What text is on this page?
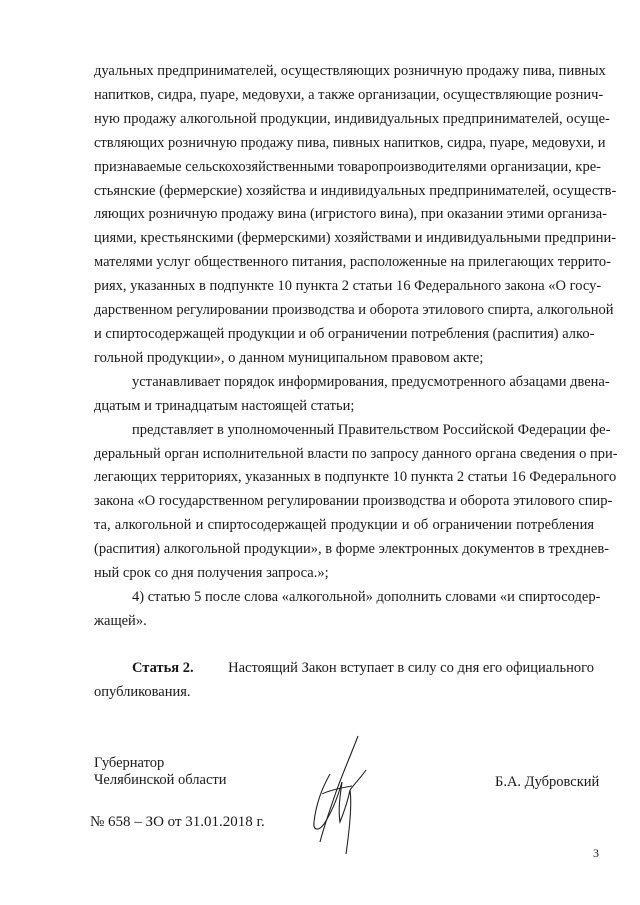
дуальных предпринимателей, осуществляющих розничную продажу пива, пивных
напитков, сидра, пуаре, медовухи, а также организации, осуществляющие рознич-
ную продажу алкогольной продукции, индивидуальных предпринимателей, осуще-
ствляющих розничную продажу пива, пивных напитков, сидра, пуаре, медовухи, и
признаваемые сельскохозяйственными товаропроизводителями организации, кре-
стьянские (фермерские) хозяйства и индивидуальных предпринимателей, осуществ-
ляющих розничную продажу вина (игристого вина), при оказании этими организа-
циями, крестьянскими (фермерскими) хозяйствами и индивидуальными предприни-
мателями услуг общественного питания, расположенные на прилегающих террито-
риях, указанных в подпункте 10 пункта 2 статьи 16 Федерального закона «О госу-
дарственном регулировании производства и оборота этилового спирта, алкогольной
и спиртосодержащей продукции и об ограничении потребления (распития) алко-
гольной продукции», о данном муниципальном правовом акте;
устанавливает порядок информирования, предусмотренного абзацами двена-
дцатым и тринадцатым настоящей статьи;
представляет в уполномоченный Правительством Российской Федерации фе-
деральный орган исполнительной власти по запросу данного органа сведения о при-
легающих территориях, указанных в подпункте 10 пункта 2 статьи 16 Федерального
закона «О государственном регулировании производства и оборота этилового спир-
та, алкогольной и спиртосодержащей продукции и об ограничении потребления
(распития) алкогольной продукции», в форме электронных документов в трехднев-
ный срок со дня получения запроса.»;
4) статью 5 после слова «алкогольной» дополнить словами «и спиртосодер-
жащей».
Статья 2.	Настоящий Закон вступает в силу со дня его официального
опубликования.
Губернатор
Челябинской области	Б.А. Дубровский
№ 658 – ЗО от 31.01.2018 г.
3
